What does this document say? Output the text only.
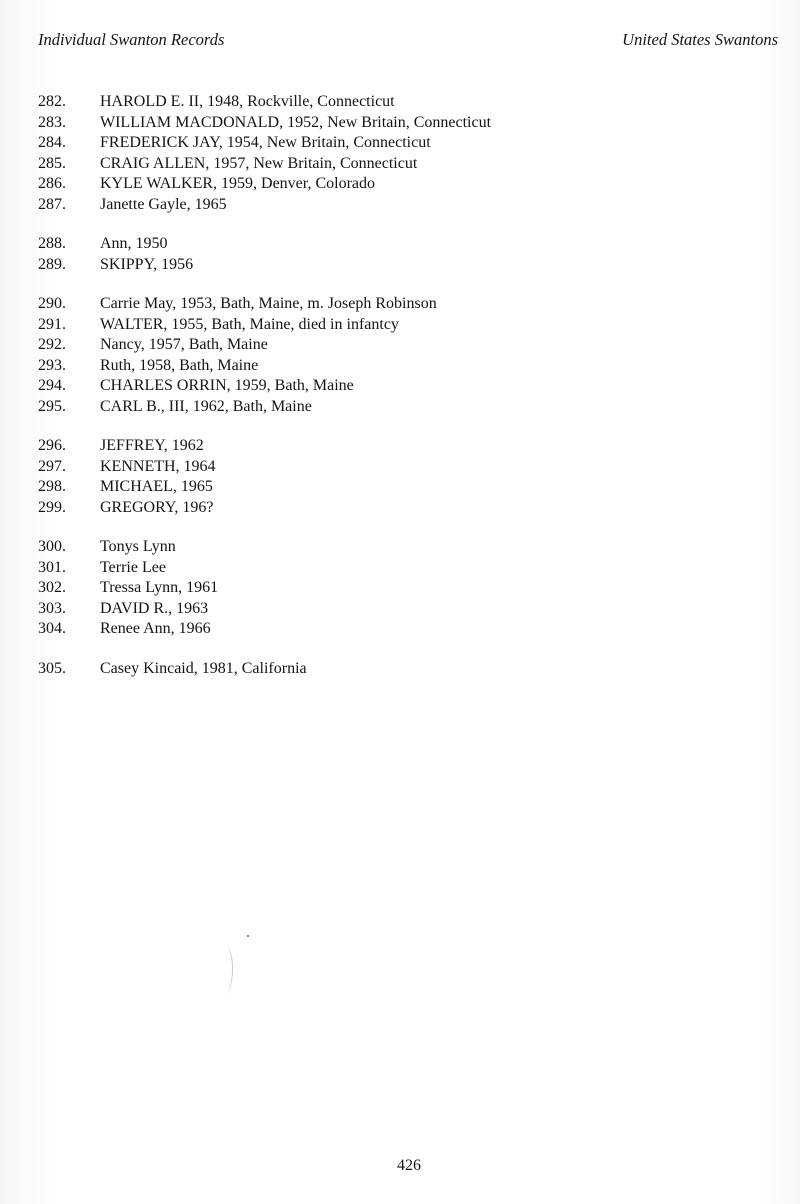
Individual Swanton Records	United States Swantons
282.	HAROLD E. II, 1948, Rockville, Connecticut
283.	WILLIAM MACDONALD, 1952, New Britain, Connecticut
284.	FREDERICK JAY, 1954, New Britain, Connecticut
285.	CRAIG ALLEN, 1957, New Britain, Connecticut
286.	KYLE WALKER, 1959, Denver, Colorado
287.	Janette Gayle, 1965
288.	Ann, 1950
289.	SKIPPY, 1956
290.	Carrie May, 1953, Bath, Maine, m. Joseph Robinson
291.	WALTER, 1955, Bath, Maine, died in infantcy
292.	Nancy, 1957, Bath, Maine
293.	Ruth, 1958, Bath, Maine
294.	CHARLES ORRIN, 1959, Bath, Maine
295.	CARL B., III, 1962, Bath, Maine
296.	JEFFREY, 1962
297.	KENNETH, 1964
298.	MICHAEL, 1965
299.	GREGORY, 196?
300.	Tonys Lynn
301.	Terrie Lee
302.	Tressa Lynn, 1961
303.	DAVID R., 1963
304.	Renee Ann, 1966
305.	Casey Kincaid, 1981, California
426
